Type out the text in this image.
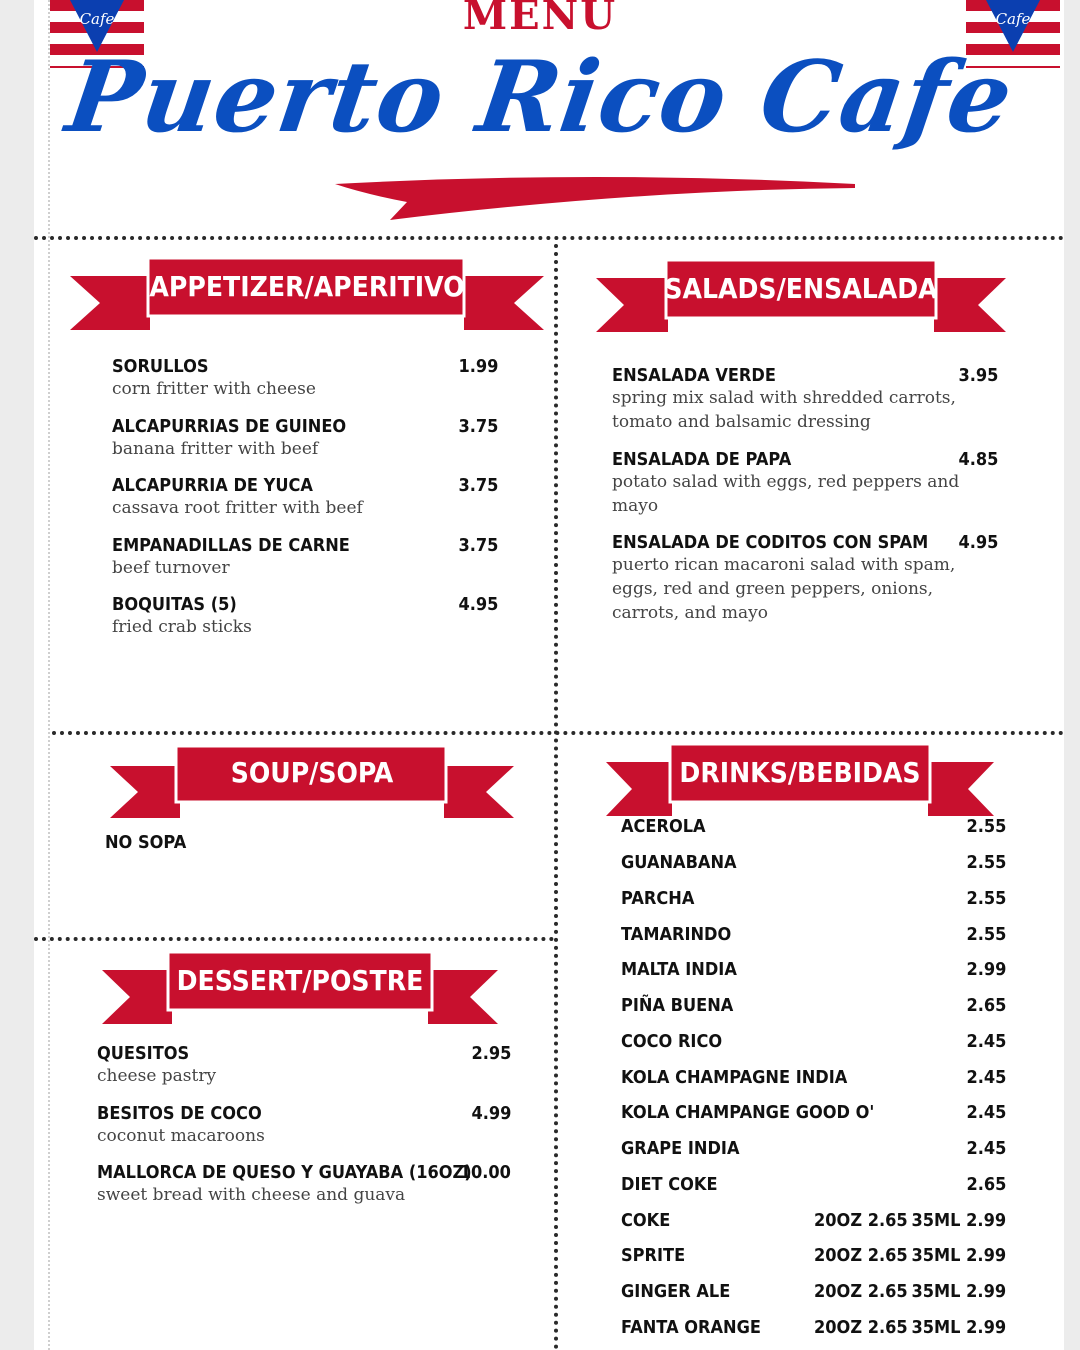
Cafe	Cafe
MENU
Puerto Rico Cafe
APPETIZER/APERITIVO	SALADS/ENSALADA
SOUP/SOPA	DRINKS/BEBIDAS
DESSERT/POSTRE
SORULLOS
corn fritter with cheese
1.99
ALCAPURRIAS DE GUINEO
banana fritter with beef
3.75
ALCAPURRIA DE YUCA
cassava root fritter with beef
3.75
EMPANADILLAS DE CARNE
beef turnover
3.75
BOQUITAS (5)
fried crab sticks
4.95
ENSALADA VERDE
spring mix salad with shredded carrots, tomato and balsamic dressing
3.95
ENSALADA DE PAPA
potato salad with eggs, red peppers and mayo
4.85
ENSALADA DE CODITOS CON SPAM
puerto rican macaroni salad with spam, eggs, red and green peppers, onions, carrots, and mayo
4.95
NO SOPA
QUESITOS
cheese pastry
2.95
BESITOS DE COCO
coconut macaroons
4.99
MALLORCA DE QUESO Y GUAYABA (16OZ)
sweet bread with cheese and guava
10.00
ACEROLA	2.55
GUANABANA	2.55
PARCHA	2.55
TAMARINDO	2.55
MALTA INDIA	2.99
PIÑA BUENA	2.65
COCO RICO	2.45
KOLA CHAMPAGNE INDIA	2.45
KOLA CHAMPANGE GOOD O'	2.45
GRAPE INDIA	2.45
DIET COKE	2.65
COKE	20OZ 2.65 35ML 2.99
SPRITE	20OZ 2.65 35ML 2.99
GINGER ALE	20OZ 2.65 35ML 2.99
FANTA ORANGE	20OZ 2.65 35ML 2.99
